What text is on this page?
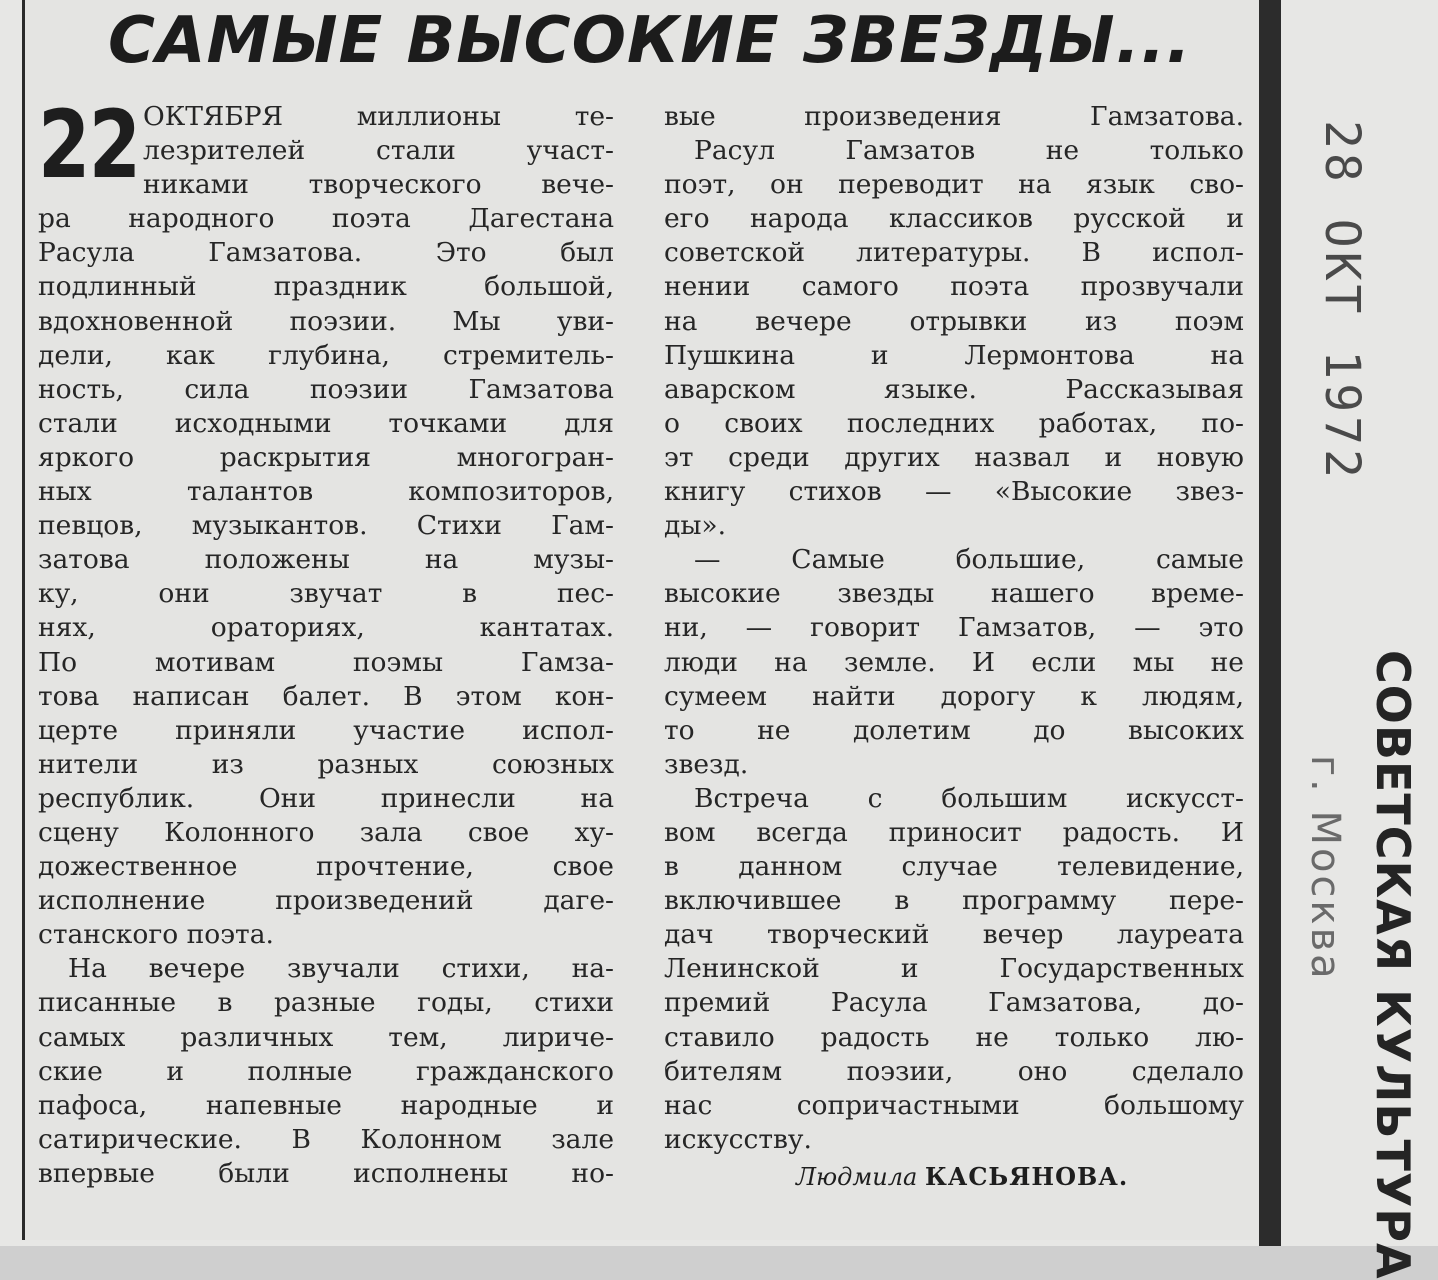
САМЫЕ ВЫСОКИЕ ЗВЕЗДЫ...
22 ОКТЯБРЯ миллионы те-
лезрителей стали участ-
никами творческого вече-
ра народного поэта Дагестана
Расула Гамзатова. Это был
подлинный праздник большой,
вдохновенной поэзии. Мы уви-
дели, как глубина, стремитель-
ность, сила поэзии Гамзатова
стали исходными точками для
яркого раскрытия многогран-
ных талантов композиторов,
певцов, музыкантов. Стихи Гам-
затова положены на музы-
ку, они звучат в пес-
нях, ораториях, кантатах.
По мотивам поэмы Гамза-
това написан балет. В этом кон-
церте приняли участие испол-
нители из разных союзных
республик. Они принесли на
сцену Колонного зала свое ху-
дожественное прочтение, свое
исполнение произведений даге-
станского поэта.
На вечере звучали стихи, на-
писанные в разные годы, стихи
самых различных тем, лириче-
ские и полные гражданского
пафоса, напевные народные и
сатирические. В Колонном зале
впервые были исполнены но-
вые произведения Гамзатова.
Расул Гамзатов не только
поэт, он переводит на язык сво-
его народа классиков русской и
советской литературы. В испол-
нении самого поэта прозвучали
на вечере отрывки из поэм
Пушкина и Лермонтова на
аварском языке. Рассказывая
о своих последних работах, по-
эт среди других назвал и новую
книгу стихов — «Высокие звез-
ды».
— Самые большие, самые
высокие звезды нашего време-
ни, — говорит Гамзатов, — это
люди на земле. И если мы не
сумеем найти дорогу к людям,
то не долетим до высоких
звезд.
Встреча с большим искусст-
вом всегда приносит радость. И
в данном случае телевидение,
включившее в программу пере-
дач творческий вечер лауреата
Ленинской и Государственных
премий Расула Гамзатова, до-
ставило радость не только лю-
бителям поэзии, оно сделало
нас сопричастными большому
искусству.
Людмила КАСЬЯНОВА.
28 ОКТ 1972
СОВЕТСКАЯ КУЛЬТУРА
г. Москва
